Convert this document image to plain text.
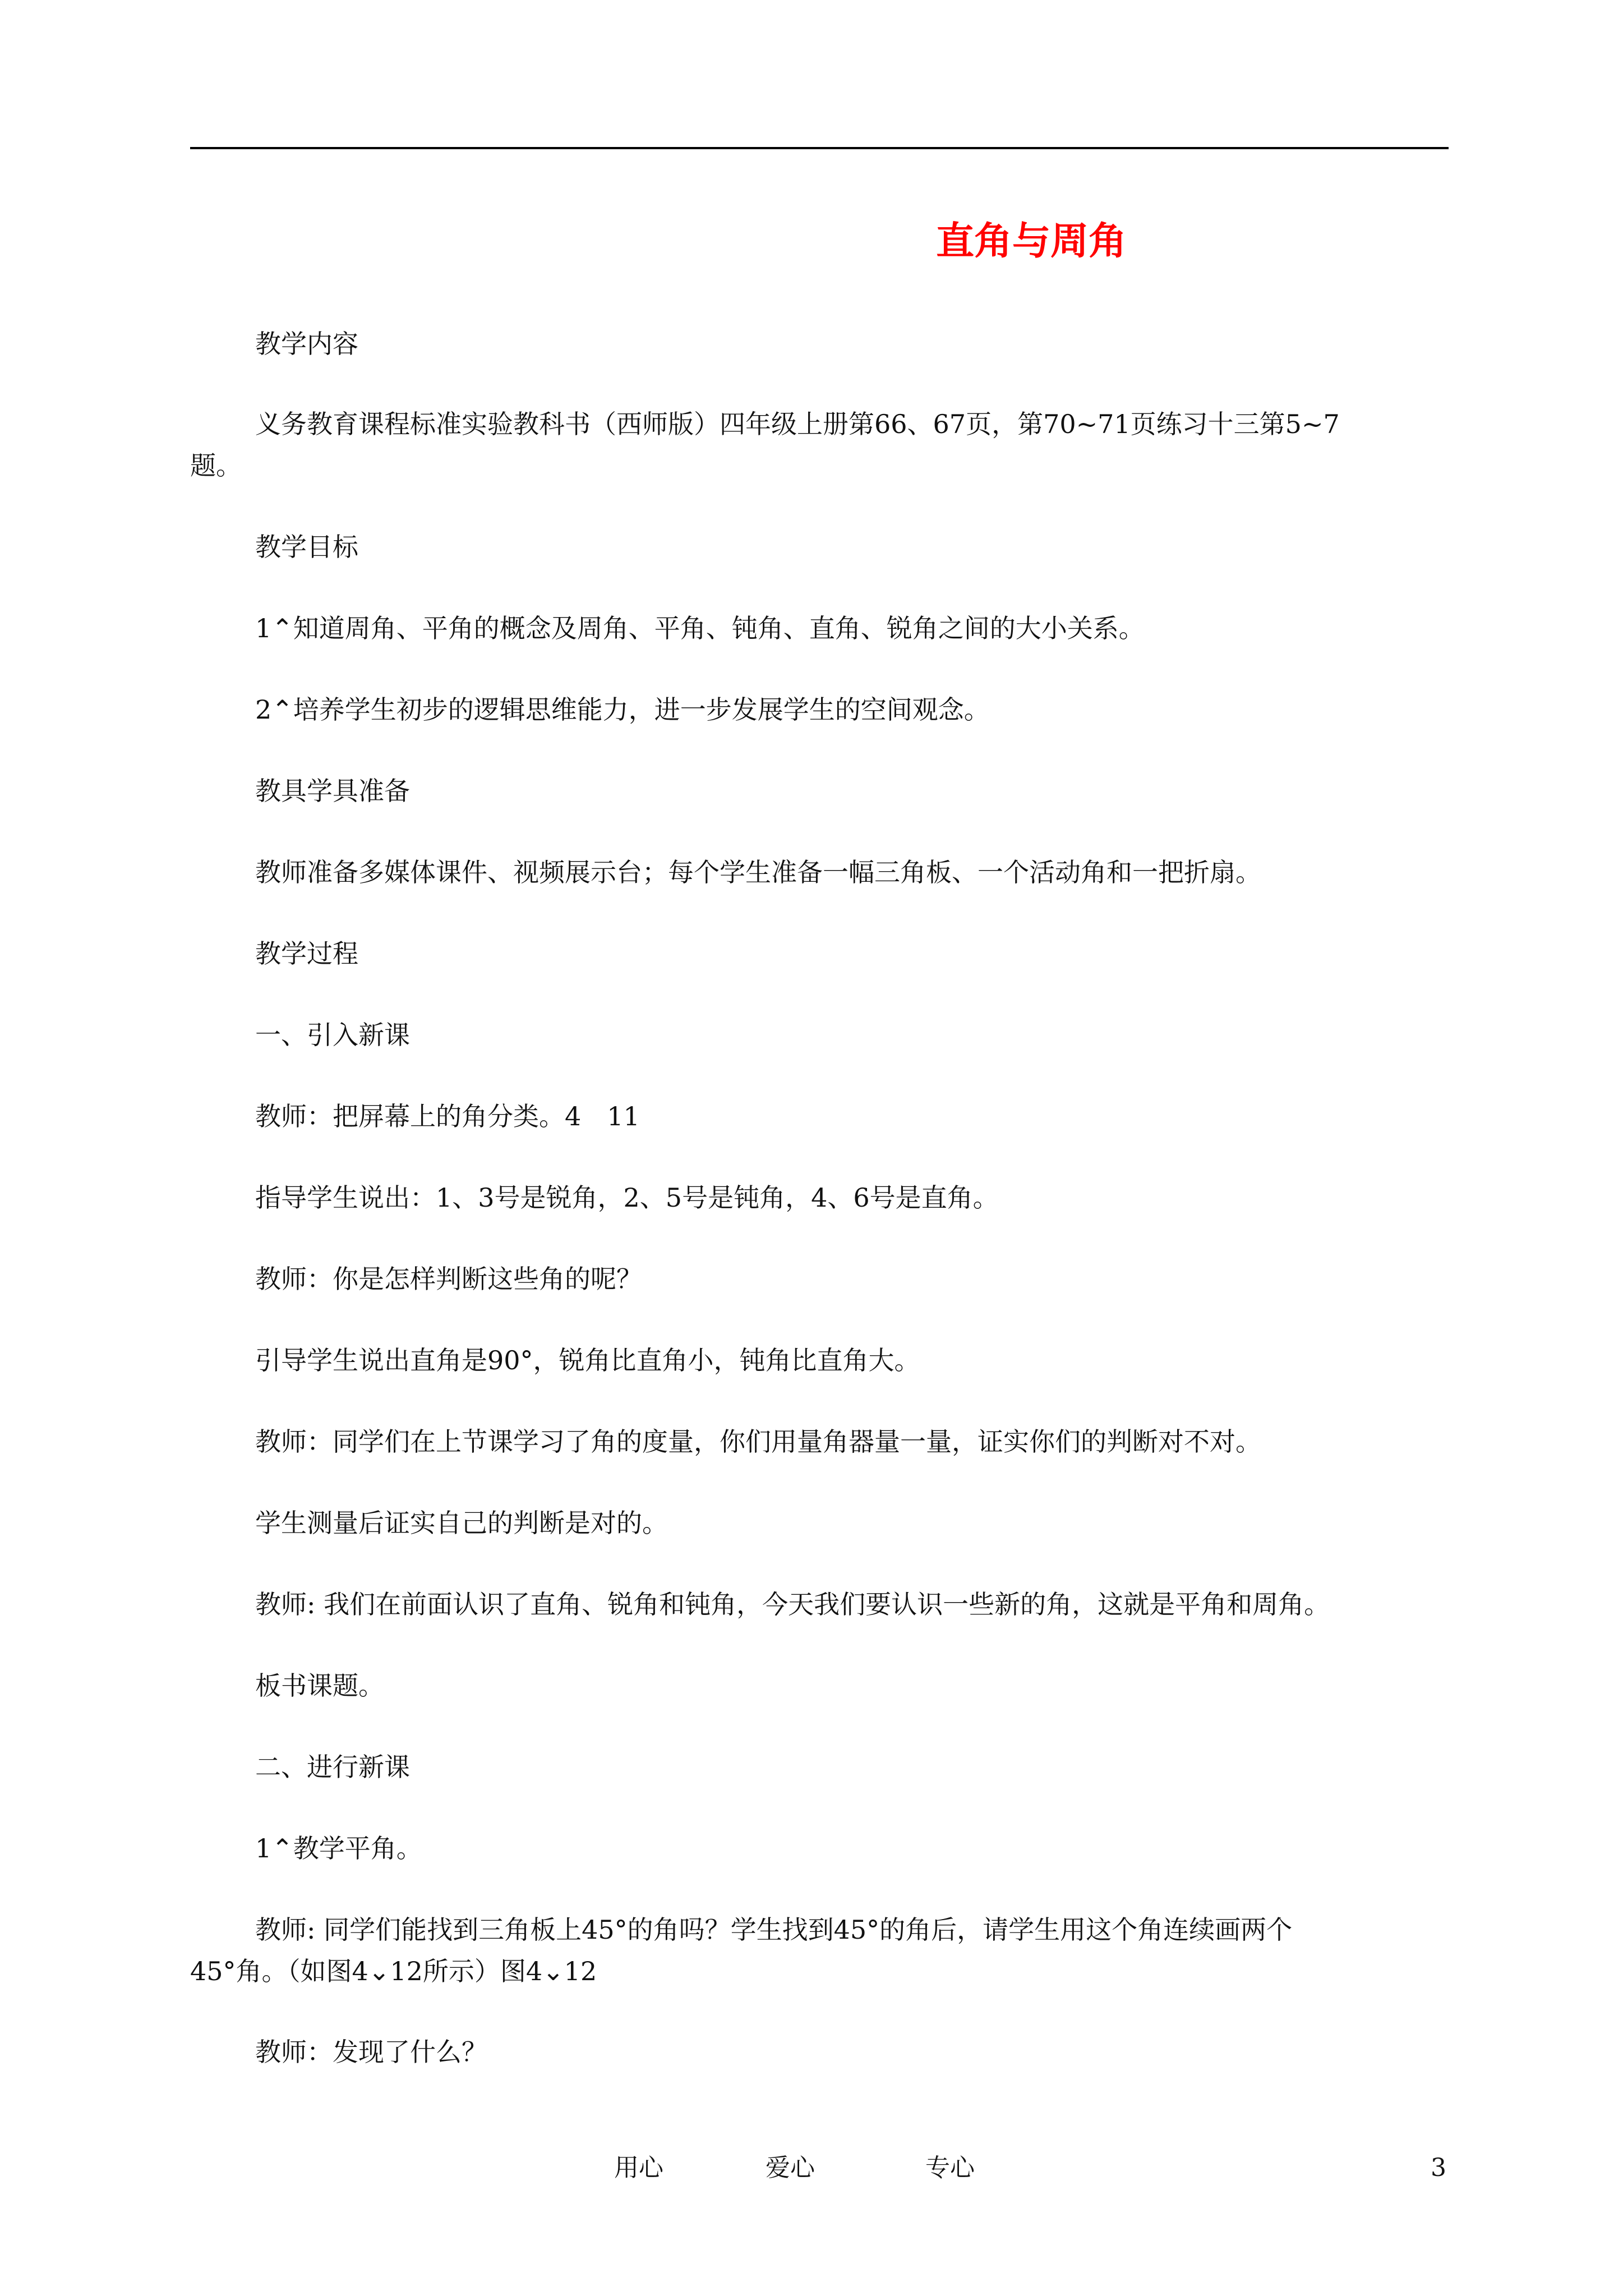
直角与周角
教学内容
义务教育课程标准实验教科书（西师版）四年级上册第66、67页，第70~71页练习十三第5~7
题。
教学目标
1⌃知道周角、平角的概念及周角、平角、钝角、直角、锐角之间的大小关系。
2⌃培养学生初步的逻辑思维能力，进一步发展学生的空间观念。
教具学具准备
教师准备多媒体课件、视频展示台；每个学生准备一幅三角板、一个活动角和一把折扇。
教学过程
一、引入新课
教师：把屏幕上的角分类。4　11
指导学生说出：1、3号是锐角，2、5号是钝角，4、6号是直角。
教师：你是怎样判断这些角的呢？
引导学生说出直角是90°，锐角比直角小，钝角比直角大。
教师：同学们在上节课学习了角的度量，你们用量角器量一量，证实你们的判断对不对。
学生测量后证实自己的判断是对的。
教师: 我们在前面认识了直角、锐角和钝角，今天我们要认识一些新的角，这就是平角和周角。
板书课题。
二、进行新课
1⌃教学平角。
教师: 同学们能找到三角板上45°的角吗？学生找到45°的角后，请学生用这个角连续画两个
45°角。（如图4⌄12所示）图4⌄12
教师：发现了什么？
用心	爱心	专心	3
